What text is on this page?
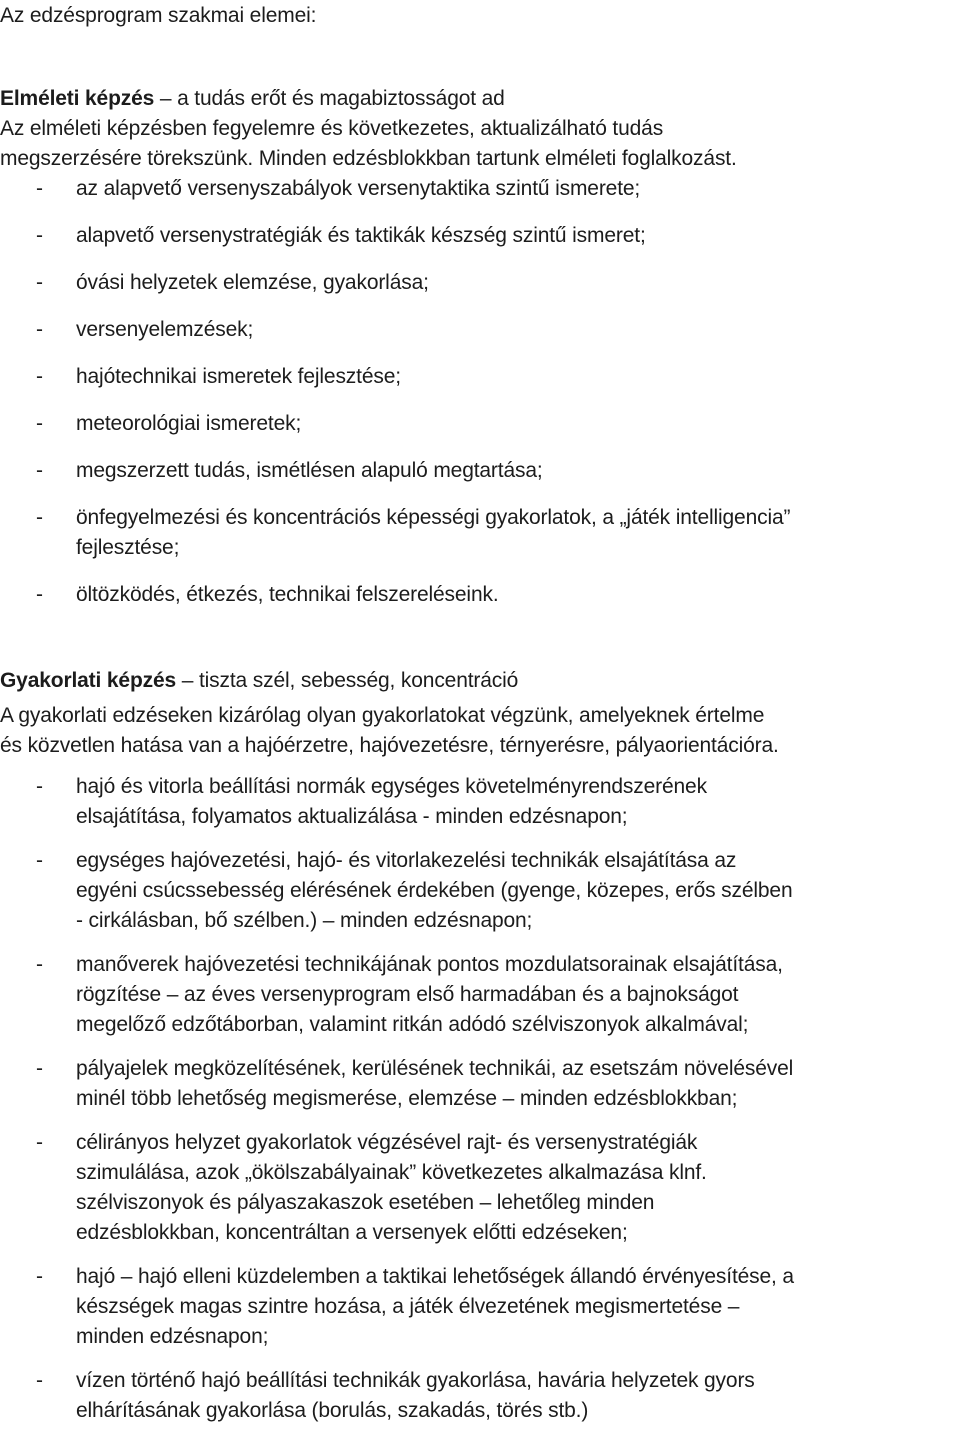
Az edzésprogram szakmai elemei:
Elméleti képzés – a tudás erőt és magabiztosságot ad

Az elméleti képzésben fegyelemre és következetes, aktualizálható tudás
megszerzésére törekszünk. Minden edzésblokkban tartunk elméleti foglalkozást.

- az alapvető versenyszabályok versenytaktika szintű ismerete;
- alapvető versenystratégiák és taktikák készség szintű ismeret;
- óvási helyzetek elemzése, gyakorlása;
- versenyelemzések;
- hajótechnikai ismeretek fejlesztése;
- meteorológiai ismeretek;
- megszerzett tudás, ismétlésen alapuló megtartása;
- önfegyelmezési és koncentrációs képességi gyakorlatok, a „játék intelligencia”
fejlesztése;
- öltözködés, étkezés, technikai felszereléseink.
Gyakorlati képzés – tiszta szél, sebesség, koncentráció

A gyakorlati edzéseken kizárólag olyan gyakorlatokat végzünk, amelyeknek értelme
és közvetlen hatása van a hajóérzetre, hajóvezetésre, térnyerésre, pályaorientációra.

- hajó és vitorla beállítási normák egységes követelményrendszerének
elsajátítása, folyamatos aktualizálása - minden edzésnapon;
- egységes hajóvezetési, hajó- és vitorlakezelési technikák elsajátítása az
egyéni csúcssebesség elérésének érdekében (gyenge, közepes, erős szélben
- cirkálásban, bő szélben.) – minden edzésnapon;
- manőverek hajóvezetési technikájának pontos mozdulatsorainak elsajátítása,
rögzítése – az éves versenyprogram első harmadában és a bajnokságot
megelőző edzőtáborban, valamint ritkán adódó szélviszonyok alkalmával;
- pályajelek megközelítésének, kerülésének technikái, az esetszám növelésével
minél több lehetőség megismerése, elemzése – minden edzésblokkban;
- célirányos helyzet gyakorlatok végzésével rajt- és versenystratégiák
szimulálása, azok „ökölszabályainak” következetes alkalmazása klnf.
szélviszonyok és pályaszakaszok esetében – lehetőleg minden
edzésblokkban, koncentráltan a versenyek előtti edzéseken;
- hajó – hajó elleni küzdelemben a taktikai lehetőségek állandó érvényesítése, a
készségek magas szintre hozása, a játék élvezetének megismertetése –
minden edzésnapon;
- vízen történő hajó beállítási technikák gyakorlása, havária helyzetek gyors
elhárításának gyakorlása (borulás, szakadás, törés stb.)
